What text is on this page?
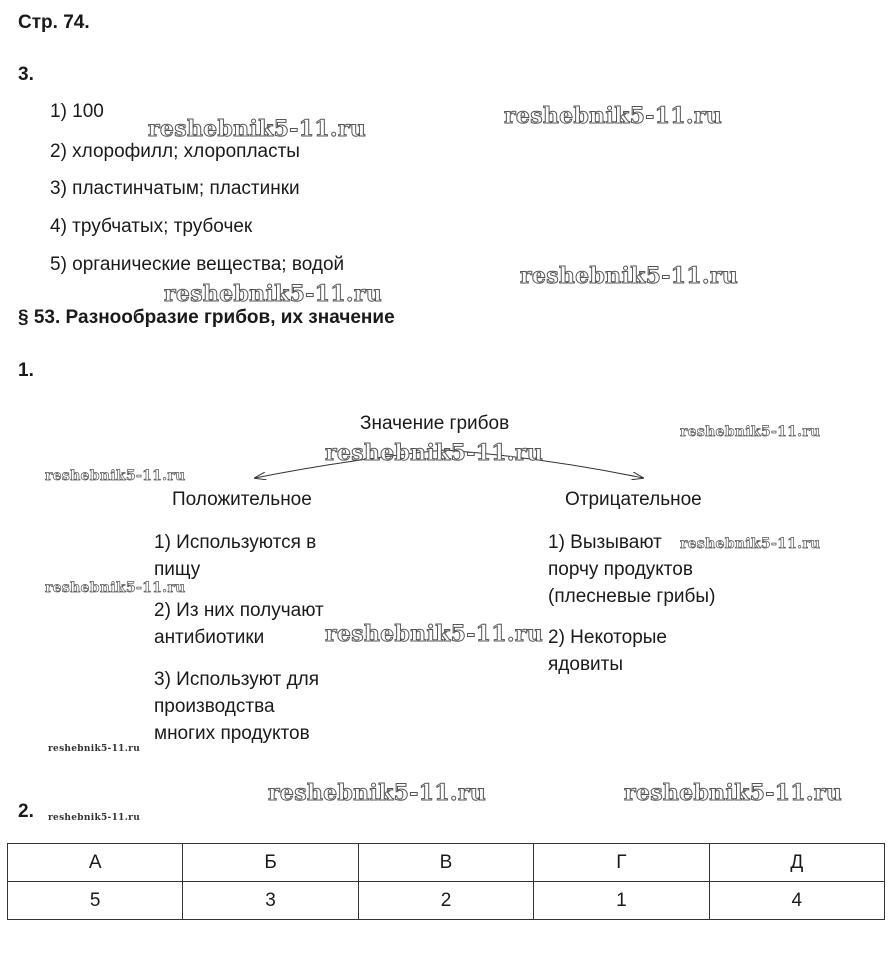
Стр. 74.
3.
1) 100
2) хлорофилл; хлоропласты
3) пластинчатым; пластинки
4) трубчатых; трубочек
5) органические вещества; водой
§ 53. Разнообразие грибов, их значение
1.
Значение грибов
Положительное	Отрицательное
1) Используются в
пищу
2) Из них получают
антибиотики
3) Используют для
производства
многих продуктов
1) Вызывают
порчу продуктов
(плесневые грибы)
2) Некоторые
ядовиты
2.
А	Б	В	Г	Д
5	3	2	1	4
reshebnik5-11.ru	reshebnik5-11.ru
reshebnik5-11.ru
reshebnik5-11.ru
reshebnik5-11.ru
reshebnik5-11.ru
reshebnik5-11.ru
reshebnik5-11.ru
reshebnik5-11.ru
reshebnik5-11.ru
reshebnik5-11.ru
reshebnik5-11.ru	reshebnik5-11.ru
reshebnik5-11.ru
